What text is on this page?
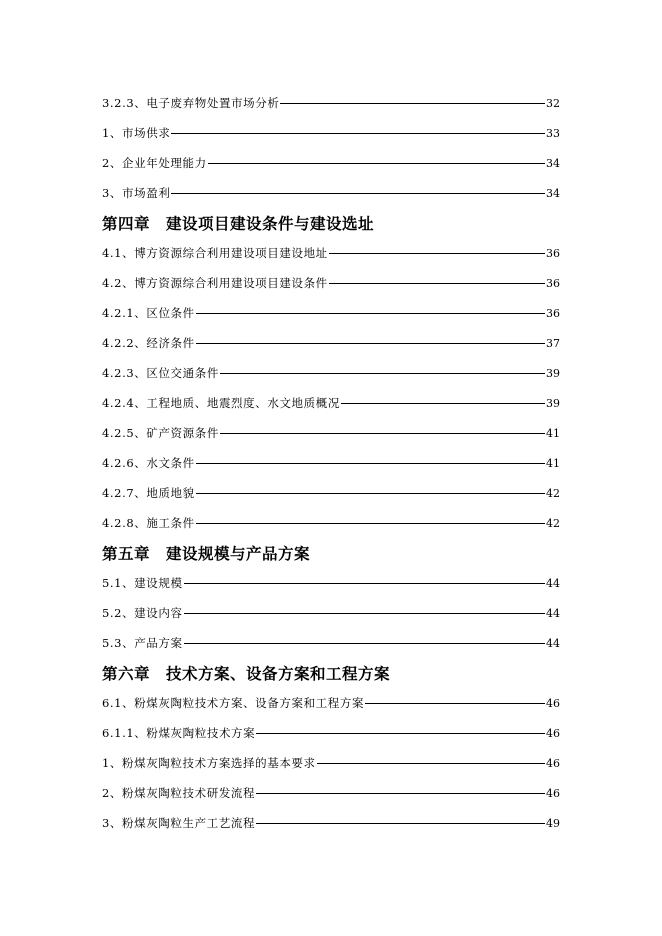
3.2.3、电子废弃物处置市场分析	32
1、市场供求	33
2、企业年处理能力	34
3、市场盈利	34
第四章 建设项目建设条件与建设选址
4.1、博方资源综合利用建设项目建设地址	36
4.2、博方资源综合利用建设项目建设条件	36
4.2.1、区位条件	36
4.2.2、经济条件	37
4.2.3、区位交通条件	39
4.2.4、工程地质、地震烈度、水文地质概况	39
4.2.5、矿产资源条件	41
4.2.6、水文条件	41
4.2.7、地质地貌	42
4.2.8、施工条件	42
第五章 建设规模与产品方案
5.1、建设规模	44
5.2、建设内容	44
5.3、产品方案	44
第六章 技术方案、设备方案和工程方案
6.1、粉煤灰陶粒技术方案、设备方案和工程方案	46
6.1.1、粉煤灰陶粒技术方案	46
1、粉煤灰陶粒技术方案选择的基本要求	46
2、粉煤灰陶粒技术研发流程	46
3、粉煤灰陶粒生产工艺流程	49
